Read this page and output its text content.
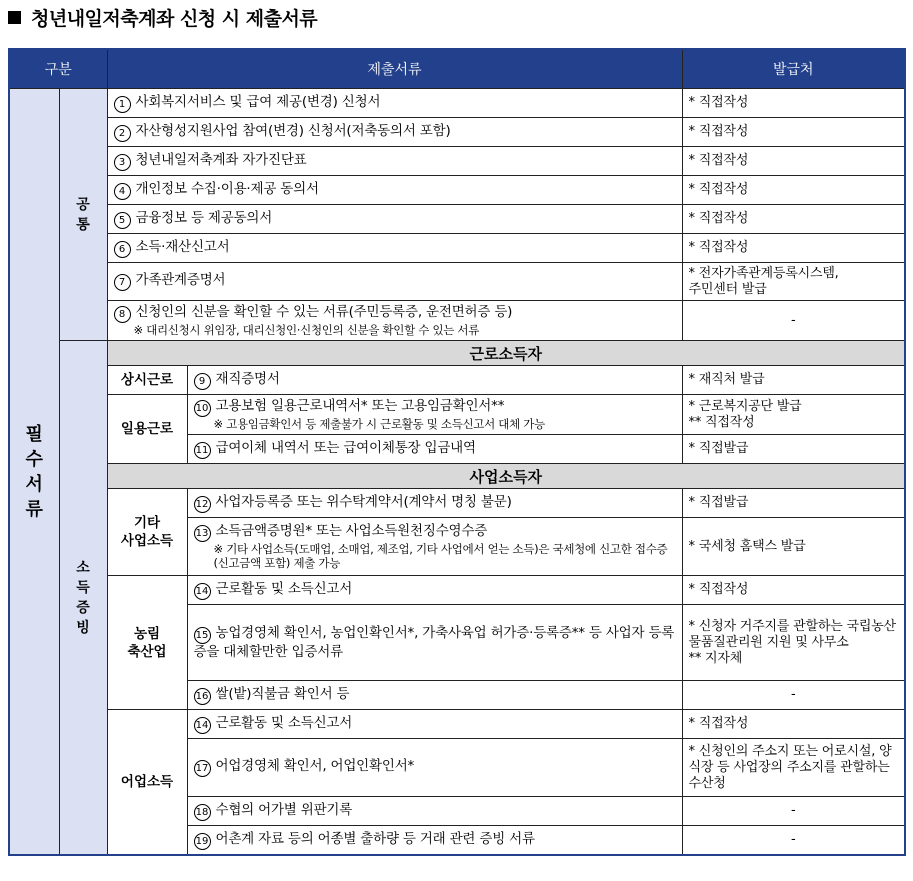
청년내일저축계좌 신청 시 제출서류
구분		제출서류		발급처
필수서류	공통	1 사회복지서비스 및 급여 제공(변경) 신청서		* 직접작성
		2 자산형성지원사업 참여(변경) 신청서(저축동의서 포함)		* 직접작성
		3 청년내일저축계좌 자가진단표		* 직접작성
		4 개인정보 수집·이용·제공 동의서		* 직접작성
		5 금융정보 등 제공동의서		* 직접작성
		6 소득·재산신고서		* 직접작성
		7 가족관계증명서		* 전자가족관계등록시스템,
주민센터 발급
		8 신청인의 신분을 확인할 수 있는 서류(주민등록증, 운전면허증 등)
※ 대리신청시 위임장, 대리신청인·신청인의 신분을 확인할 수 있는 서류		-
	소득증빙	근로소득자		
		상시근로	9 재직증명서	* 재직처 발급
		일용근로	10 고용보험 일용근로내역서* 또는 고용임금확인서**
※ 고용임금확인서 등 제출불가 시 근로활동 및 소득신고서 대체 가능	* 근로복지공단 발급
** 직접작성
			11 급여이체 내역서 또는 급여이체통장 입금내역	* 직접발급
		사업소득자		
		기타
사업소득	12 사업자등록증 또는 위수탁계약서(계약서 명칭 불문)	* 직접발급
			13 소득금액증명원* 또는 사업소득원천징수영수증
※ 기타 사업소득(도매업, 소매업, 제조업, 기타 사업에서 얻는 소득)은 국세청에 신고한 접수증(신고금액 포함) 제출 가능	* 국세청 홈택스 발급
		농림
축산업	14 근로활동 및 소득신고서	* 직접작성
			15 농업경영체 확인서, 농업인확인서*, 가축사육업 허가증·등록증** 등 사업자 등록증을 대체할만한 입증서류	* 신청자 거주지를 관할하는 국립농산물품질관리원 지원 및 사무소
** 지자체
			16 쌀(밭)직불금 확인서 등	-
		어업소득	14 근로활동 및 소득신고서	* 직접작성
			17 어업경영체 확인서, 어업인확인서*	* 신청인의 주소지 또는 어로시설, 양식장 등 사업장의 주소지를 관할하는 수산청
			18 수협의 어가별 위판기록	-
			19 어촌계 자료 등의 어종별 출하량 등 거래 관련 증빙 서류	-
